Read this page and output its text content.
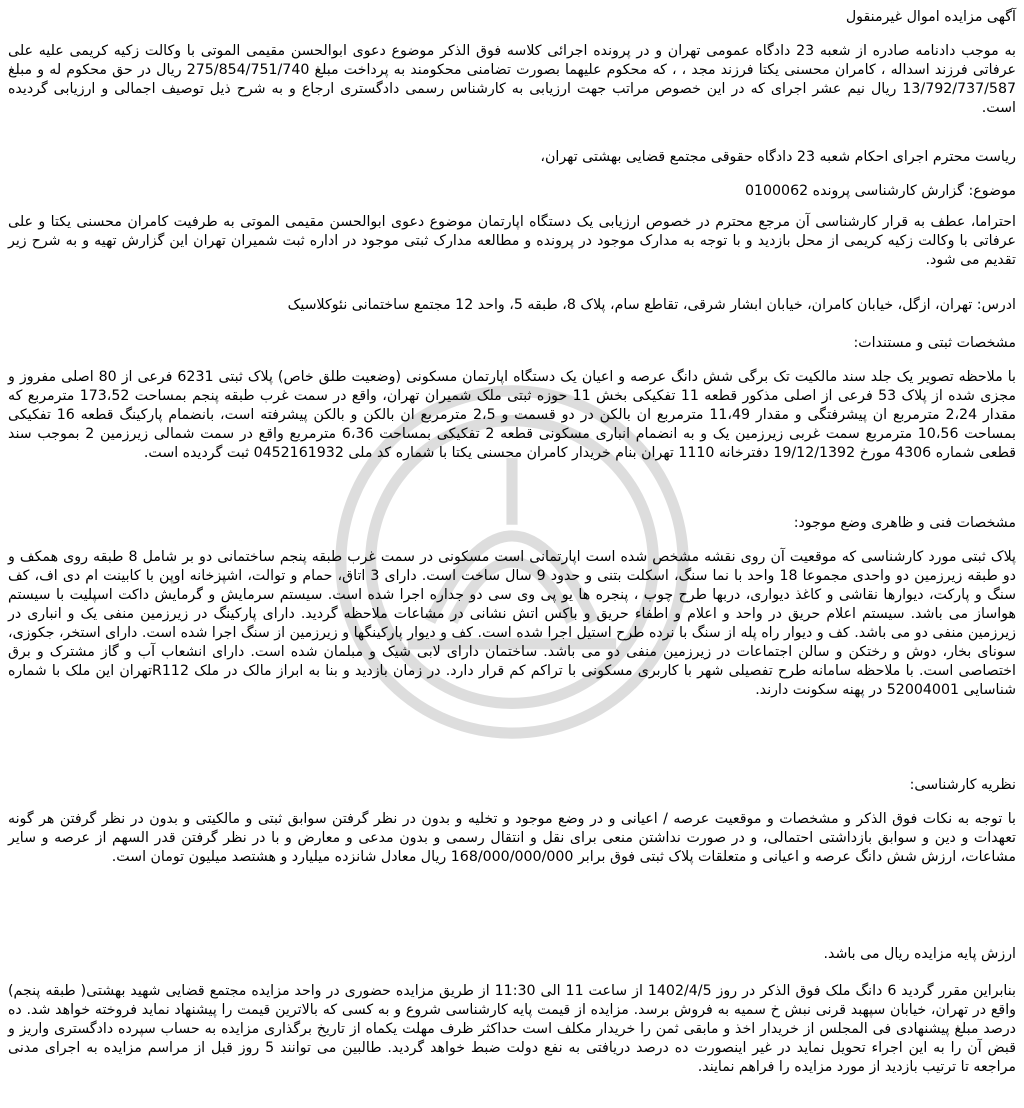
آگهی مزایده اموال غیرمنقول

به موجب دادنامه صادره از شعبه 23 دادگاه عمومی تهران و در پرونده اجرائی کلاسه فوق الذکر موضوع دعوی ابوالحسن مقیمی الموتی با وکالت زکیه کریمی علیه علی عرفاتی فرزند اسداله ، کامران محسنی یکتا فرزند مجد ، ، که محکوم علیهما بصورت تضامنی محکومند به پرداخت مبلغ 275/854/751/740 ریال در حق محکوم له و مبلغ 13/792/737/587 ریال نیم عشر اجرای که در این خصوص مراتب جهت ارزیابی به کارشناس رسمی دادگستری ارجاع و به شرح ذیل توصیف اجمالی و ارزیابی گردیده است.

ریاست محترم اجرای احکام شعبه 23 دادگاه حقوقی مجتمع قضایی بهشتی تهران،

موضوع: گزارش کارشناسی پرونده 0100062

احتراما، عطف به قرار کارشناسی آن مرجع محترم در خصوص ارزیابی یک دستگاه اپارتمان موضوع دعوی ابوالحسن مقیمی الموتی به طرفیت کامران محسنی یکتا و علی عرفاتی با وکالت زکیه کریمی از محل بازدید و با توجه به مدارک موجود در پرونده و مطالعه مدارک ثبتی موجود در اداره ثبت شمیران تهران این گزارش تهیه و به شرح زیر تقدیم می شود.

ادرس: تهران، ازگل، خیابان کامران، خیابان ابشار شرقی، تقاطع سام، پلاک 8، طبقه 5، واحد 12 مجتمع ساختمانی نئوکلاسیک

مشخصات ثبتی و مستندات:

با ملاحظه تصویر یک جلد سند مالکیت تک برگی شش دانگ عرصه و اعیان یک دستگاه اپارتمان مسکونی (وضعیت طلق خاص) پلاک ثبتی 6231 فرعی از 80 اصلی مفروز و مجزی شده از پلاک 53 فرعی از اصلی مذکور قطعه 11 تفکیکی بخش 11 حوزه ثبتی ملک شمیران تهران، واقع در سمت غرب طبقه پنجم بمساحت 173،52 مترمربع که مقدار 2،24 مترمربع ان پیشرفتگی و مقدار 11،49 مترمربع ان بالکن در دو قسمت و 2،5 مترمربع ان بالکن و بالکن پیشرفته است، بانضمام پارکینگ قطعه 16 تفکیکی بمساحت 10،56 مترمربع سمت غربی زیرزمین یک و به انضمام انباری مسکونی قطعه 2 تفکیکی بمساحت 6،36 مترمربع واقع در سمت شمالی زیرزمین 2 بموجب سند قطعی شماره 4306 مورخ 19/12/1392 دفترخانه 1110 تهران بنام خریدار کامران محسنی یکتا با شماره کد ملی 0452161932 ثبت گردیده است.

مشخصات فنی و ظاهری وضع موجود:

پلاک ثبتی مورد کارشناسی که موقعیت آن روی نقشه مشخص شده است اپارتمانی است مسکونی در سمت غرب طبقه پنجم ساختمانی دو بر شامل 8 طبقه روی همکف و دو طبقه زیرزمین دو واحدی مجموعا 18 واحد با نما سنگ، اسکلت بتنی و حدود 9 سال ساخت است. دارای 3 اتاق، حمام و توالت، اشپزخانه اوپن با کابینت ام دی اف، کف سنگ و پارکت، دیوارها نقاشی و کاغذ دیواری، دربها طرح چوب ، پنجره ها یو پی وی سی دو جداره اجرا شده است. سیستم سرمایش و گرمایش داکت اسپلیت با سیستم هواساز می باشد. سیستم اعلام حریق در واحد و اعلام و اطفاء حریق و باکس اتش نشانی در مشاعات ملاحظه گردید. دارای پارکینگ در زیرزمین منفی یک و انباری در زیرزمین منفی دو می باشد. کف و دیوار راه پله از سنگ با نرده طرح استیل اجرا شده است. کف و دیوار پارکینگها و زیرزمین از سنگ اجرا شده است. دارای استخر، جکوزی، سونای بخار، دوش و رختکن و سالن اجتماعات در زیرزمین منفی دو می باشد. ساختمان دارای لابی شیک و مبلمان شده است. دارای انشعاب آب و گاز مشترک و برق اختصاصی است. با ملاحظه سامانه طرح تفصیلی شهر با کاربری مسکونی با تراکم کم قرار دارد. در زمان بازدید و بنا به ابراز مالک در ملک R112تهران این ملک با شماره شناسایی 52004001 در پهنه سکونت دارند.

نظریه کارشناسی:

با توجه به نکات فوق الذکر و مشخصات و موقعیت عرصه / اعیانی و در وضع موجود و تخلیه و بدون در نظر گرفتن سوابق ثبتی و مالکیتی و بدون در نظر گرفتن هر گونه تعهدات و دین و سوابق بازداشتی احتمالی، و در صورت نداشتن منعی برای نقل و انتقال رسمی و بدون مدعی و معارض و با در نظر گرفتن قدر السهم از عرصه و سایر مشاعات، ارزش شش دانگ عرصه و اعیانی و متعلقات پلاک ثبتی فوق برابر 168/000/000/000 ریال معادل شانزده میلیارد و هشتصد میلیون تومان است.

ارزش پایه مزایده ریال می باشد.

بنابراین مقرر گردید 6 دانگ ملک فوق الذکر در روز 1402/4/5 از ساعت 11 الی 11:30 از طریق مزایده حضوری در واحد مزایده مجتمع قضایی شهید بهشتی( طبقه پنجم) واقع در تهران، خیابان سپهبد قرنی نبش خ سمیه به فروش برسد. مزایده از قیمت پایه کارشناسی شروع و به کسی که بالاترین قیمت را پیشنهاد نماید فروخته خواهد شد. ده درصد مبلغ پیشنهادی فی المجلس از خریدار اخذ و مابقی ثمن را خریدار مکلف است حداکثر ظرف مهلت یکماه از تاریخ برگذاری مزایده به حساب سپرده دادگستری واریز و قبض آن را به این اجراء تحویل نماید در غیر اینصورت ده درصد دریافتی به نفع دولت ضبط خواهد گردید. طالبین می توانند 5 روز قبل از مراسم مزایده به اجرای مدنی مراجعه تا ترتیب بازدید از مورد مزایده را فراهم نمایند.
